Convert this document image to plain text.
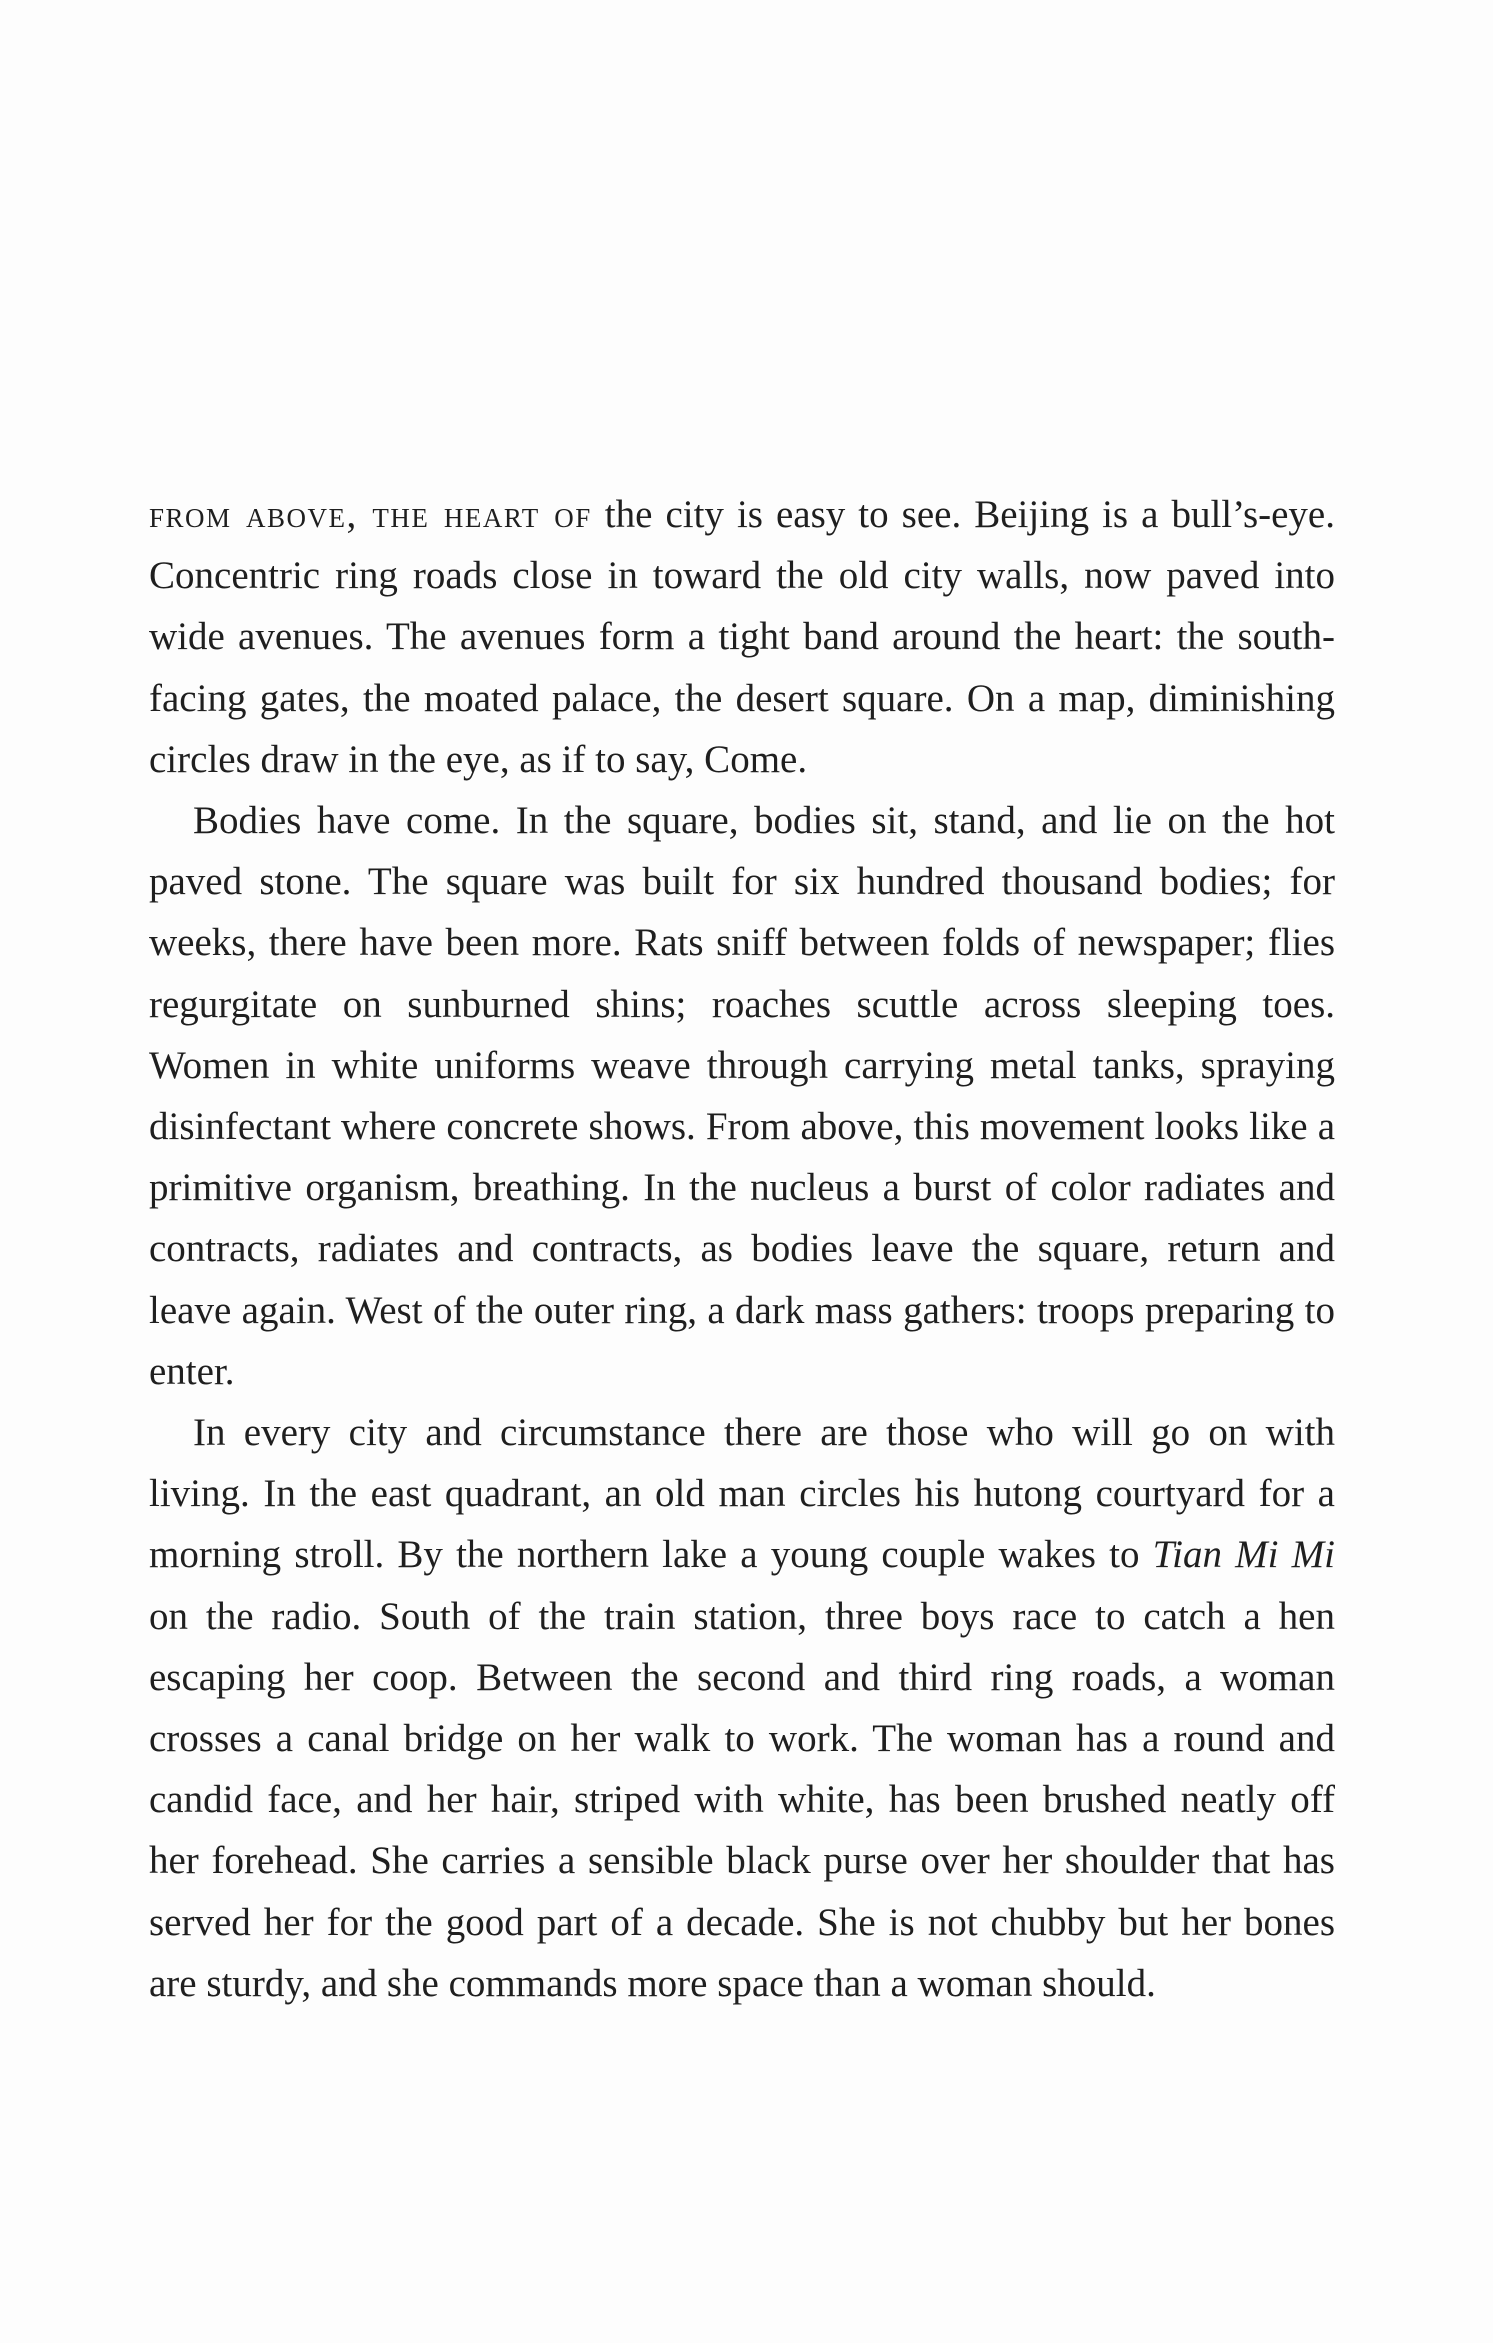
from above, the heart of the city is easy to see. Beijing is a bull’s-eye. Concentric ring roads close in toward the old city walls, now paved into wide avenues. The avenues form a tight band around the heart: the south-facing gates, the moated palace, the desert square. On a map, diminishing circles draw in the eye, as if to say, Come.

Bodies have come. In the square, bodies sit, stand, and lie on the hot paved stone. The square was built for six hundred thousand bodies; for weeks, there have been more. Rats sniff between folds of newspaper; flies regurgitate on sunburned shins; roaches scuttle across sleeping toes. Women in white uniforms weave through carrying metal tanks, spraying disinfectant where concrete shows. From above, this movement looks like a primitive organism, breathing. In the nucleus a burst of color radiates and contracts, radiates and contracts, as bodies leave the square, return and leave again. West of the outer ring, a dark mass gathers: troops preparing to enter.

In every city and circumstance there are those who will go on with living. In the east quadrant, an old man circles his hutong courtyard for a morning stroll. By the northern lake a young couple wakes to Tian Mi Mi on the radio. South of the train station, three boys race to catch a hen escaping her coop. Between the second and third ring roads, a woman crosses a canal bridge on her walk to work. The woman has a round and candid face, and her hair, striped with white, has been brushed neatly off her forehead. She carries a sensible black purse over her shoulder that has served her for the good part of a decade. She is not chubby but her bones are sturdy, and she commands more space than a woman should.
